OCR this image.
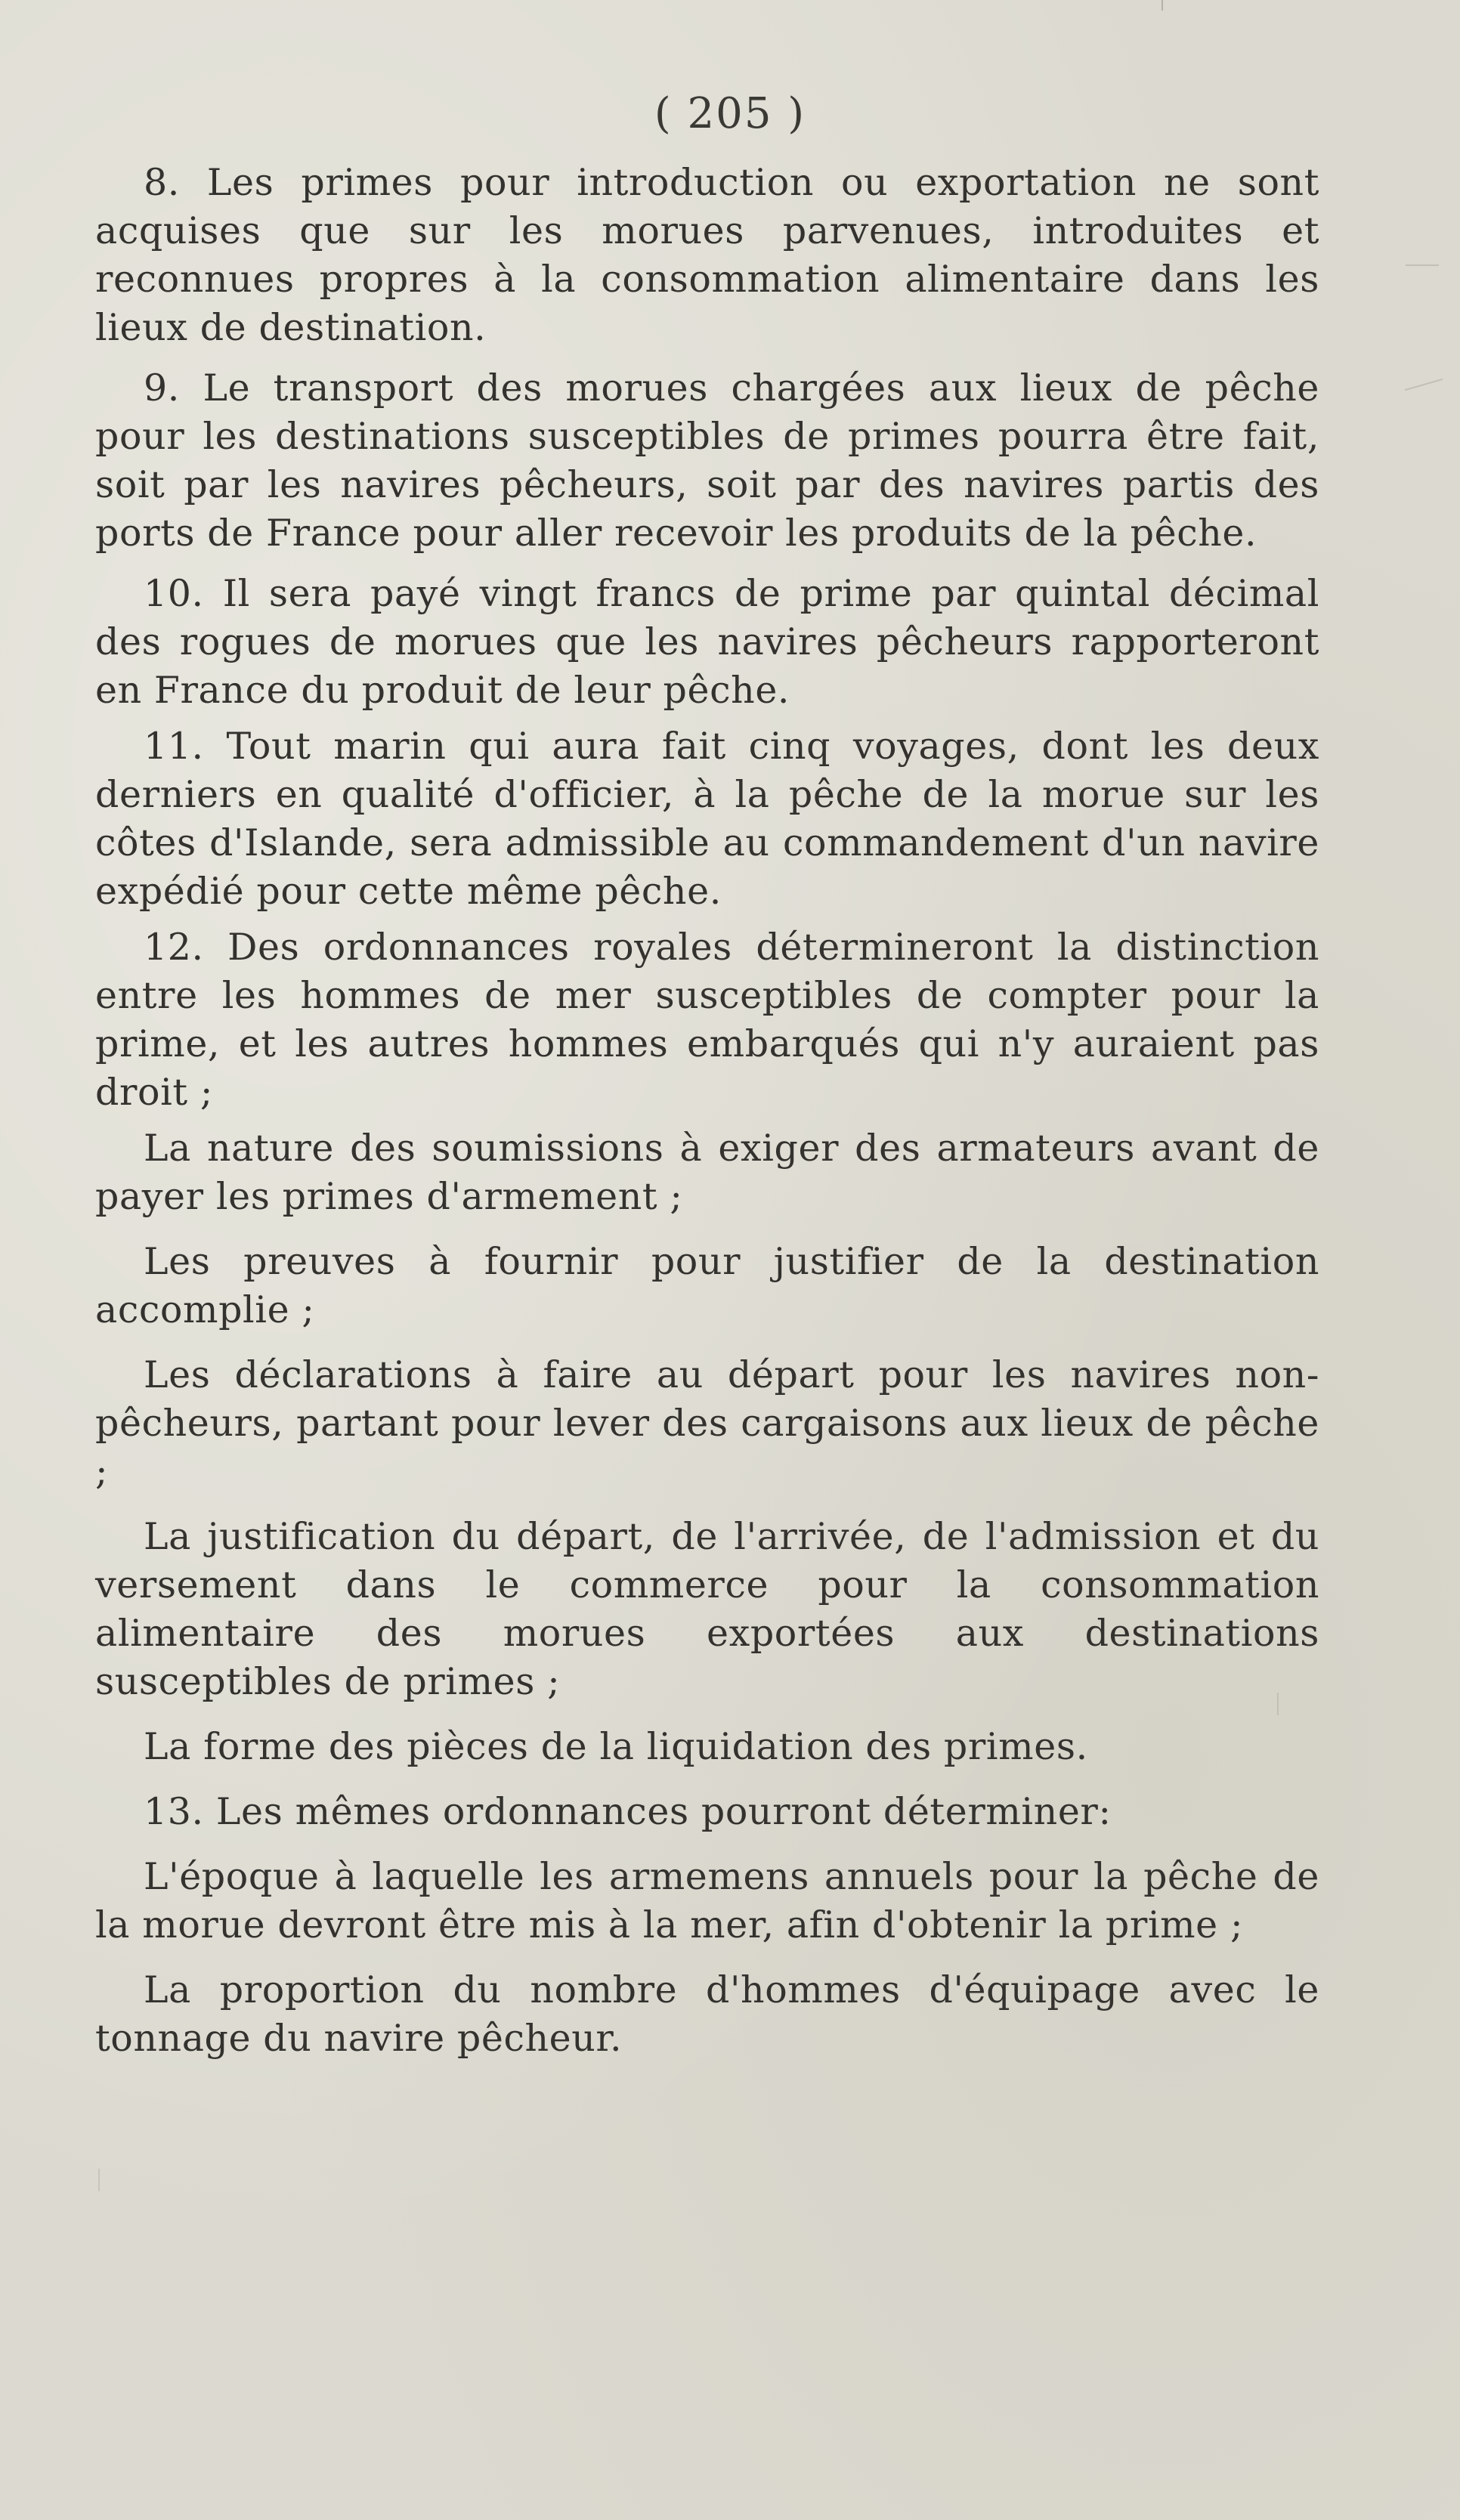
( 205 )

8. Les primes pour introduction ou exportation ne sont acquises que sur les morues parvenues, introduites et reconnues propres à la consommation alimentaire dans les lieux de destination.

9. Le transport des morues chargées aux lieux de pêche pour les destinations susceptibles de primes pourra être fait, soit par les navires pêcheurs, soit par des navires partis des ports de France pour aller recevoir les produits de la pêche.

10. Il sera payé vingt francs de prime par quintal décimal des rogues de morues que les navires pêcheurs rapporteront en France du produit de leur pêche.

11. Tout marin qui aura fait cinq voyages, dont les deux derniers en qualité d'officier, à la pêche de la morue sur les côtes d'Islande, sera admissible au commandement d'un navire expédié pour cette même pêche.

12. Des ordonnances royales détermineront la distinction entre les hommes de mer susceptibles de compter pour la prime, et les autres hommes embarqués qui n'y auraient pas droit ;

La nature des soumissions à exiger des armateurs avant de payer les primes d'armement ;

Les preuves à fournir pour justifier de la destination accomplie ;

Les déclarations à faire au départ pour les navires non-pêcheurs, partant pour lever des cargaisons aux lieux de pêche ;

La justification du départ, de l'arrivée, de l'admission et du versement dans le commerce pour la consommation alimentaire des morues exportées aux destinations susceptibles de primes ;

La forme des pièces de la liquidation des primes.

13. Les mêmes ordonnances pourront déterminer:

L'époque à laquelle les armemens annuels pour la pêche de la morue devront être mis à la mer, afin d'obtenir la prime ;

La proportion du nombre d'hommes d'équipage avec le tonnage du navire pêcheur.
